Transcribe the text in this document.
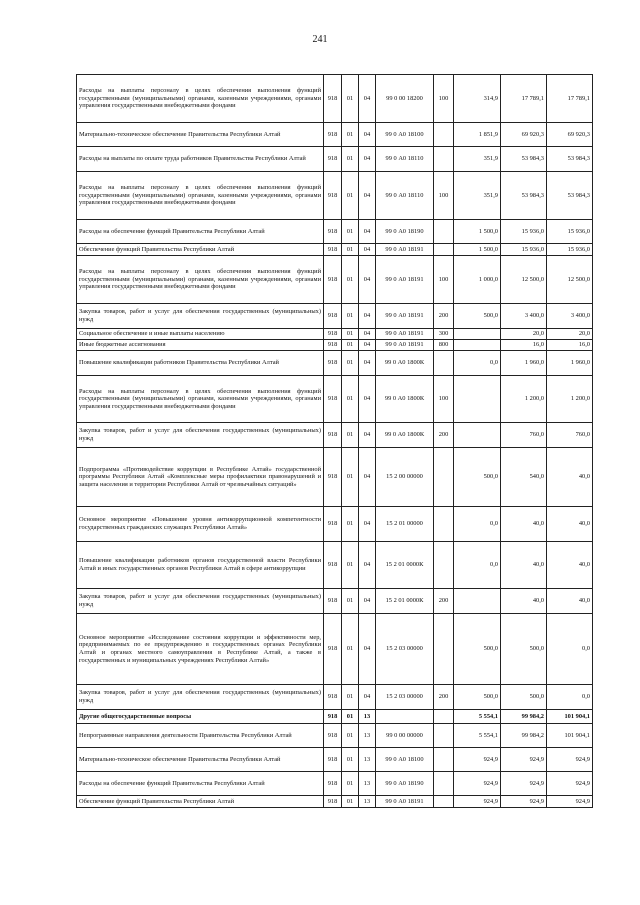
241
Расходы на выплаты персоналу в целях обеспечения выполнения функций государственными (муниципальными) органами, казенными учреждениями, органами управления государственными внебюджетными фондами	918	01	04	99 0 00 18200	100	314,9	17 789,1	17 789,1
Материально-техническое обеспечение Правительства Республики Алтай	918	01	04	99 0 А0 18100		1 851,9	69 920,3	69 920,3
Расходы на выплаты по оплате труда работников Правительства Республики Алтай	918	01	04	99 0 А0 18110		351,9	53 984,3	53 984,3
Расходы на выплаты персоналу в целях обеспечения выполнения функций государственными (муниципальными) органами, казенными учреждениями, органами управления государственными внебюджетными фондами	918	01	04	99 0 А0 18110	100	351,9	53 984,3	53 984,3
Расходы на обеспечение функций Правительства Республики Алтай	918	01	04	99 0 А0 18190		1 500,0	15 936,0	15 936,0
Обеспечение функций Правительства Республики Алтай	918	01	04	99 0 А0 18191		1 500,0	15 936,0	15 936,0
Расходы на выплаты персоналу в целях обеспечения выполнения функций государственными (муниципальными) органами, казенными учреждениями, органами управления государственными внебюджетными фондами	918	01	04	99 0 А0 18191	100	1 000,0	12 500,0	12 500,0
Закупка товаров, работ и услуг для обеспечения государственных (муниципальных) нужд	918	01	04	99 0 А0 18191	200	500,0	3 400,0	3 400,0
Социальное обеспечение и иные выплаты населению	918	01	04	99 0 А0 18191	300		20,0	20,0
Иные бюджетные ассигнования	918	01	04	99 0 А0 18191	800		16,0	16,0
Повышение квалификации работников Правительства Республики Алтай	918	01	04	99 0 А0 1800К		0,0	1 960,0	1 960,0
Расходы на выплаты персоналу в целях обеспечения выполнения функций государственными (муниципальными) органами, казенными учреждениями, органами управления государственными внебюджетными фондами	918	01	04	99 0 А0 1800К	100		1 200,0	1 200,0
Закупка товаров, работ и услуг для обеспечения государственных (муниципальных) нужд	918	01	04	99 0 А0 1800К	200		760,0	760,0
Подпрограмма «Противодействие коррупции в Республике Алтай» государственной программы Республики Алтай «Комплексные меры профилактики правонарушений и защита населения и территории Республики Алтай от чрезвычайных ситуаций»	918	01	04	15 2 00 00000		500,0	540,0	40,0
Основное мероприятие «Повышение уровня антикоррупционной компетентности государственных гражданских служащих Республики Алтай»	918	01	04	15 2 01 00000		0,0	40,0	40,0
Повышение квалификации работников органов государственной власти Республики Алтай и иных государственных органов Республики Алтай в сфере антикоррупции	918	01	04	15 2 01 0000К		0,0	40,0	40,0
Закупка товаров, работ и услуг для обеспечения государственных (муниципальных) нужд	918	01	04	15 2 01 0000К	200		40,0	40,0
Основное мероприятие «Исследование состояния коррупции и эффективности мер, предпринимаемых по ее предупреждению в государственных органах Республики Алтай и органах местного самоуправления в Республике Алтай, а также в государственных и муниципальных учреждениях Республики Алтай»	918	01	04	15 2 03 00000		500,0	500,0	0,0
Закупка товаров, работ и услуг для обеспечения государственных (муниципальных) нужд	918	01	04	15 2 03 00000	200	500,0	500,0	0,0
Другие общегосударственные вопросы	918	01	13			5 554,1	99 984,2	101 904,1
Непрограммные направления деятельности Правительства Республики Алтай	918	01	13	99 0 00 00000		5 554,1	99 984,2	101 904,1
Материально-техническое обеспечение Правительства Республики Алтай	918	01	13	99 0 А0 18100		924,9	924,9	924,9
Расходы на обеспечение функций Правительства Республики Алтай	918	01	13	99 0 А0 18190		924,9	924,9	924,9
Обеспечение функций Правительства Республики Алтай	918	01	13	99 0 А0 18191		924,9	924,9	924,9
